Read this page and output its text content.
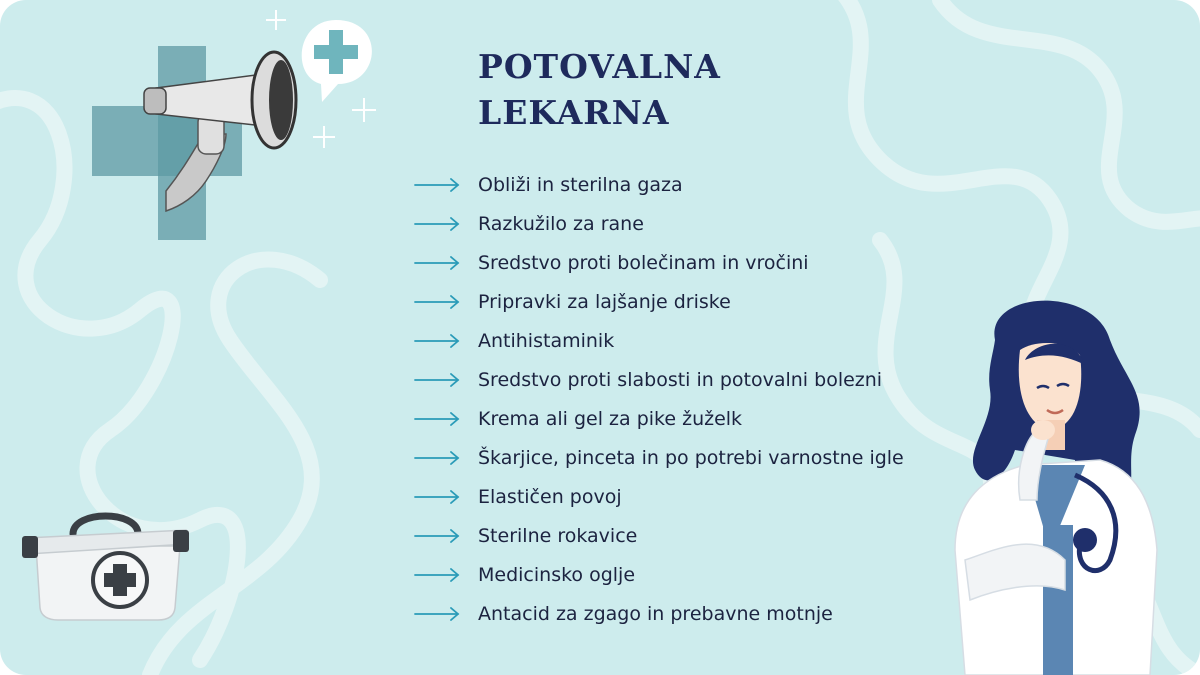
POTOVALNA
LEKARNA
Obliži in sterilna gaza
Razkužilo za rane
Sredstvo proti bolečinam in vročini
Pripravki za lajšanje driske
Antihistaminik
Sredstvo proti slabosti in potovalni bolezni
Krema ali gel za pike žuželk
Škarjice, pinceta in po potrebi varnostne igle
Elastičen povoj
Sterilne rokavice
Medicinsko oglje
Antacid za zgago in prebavne motnje
